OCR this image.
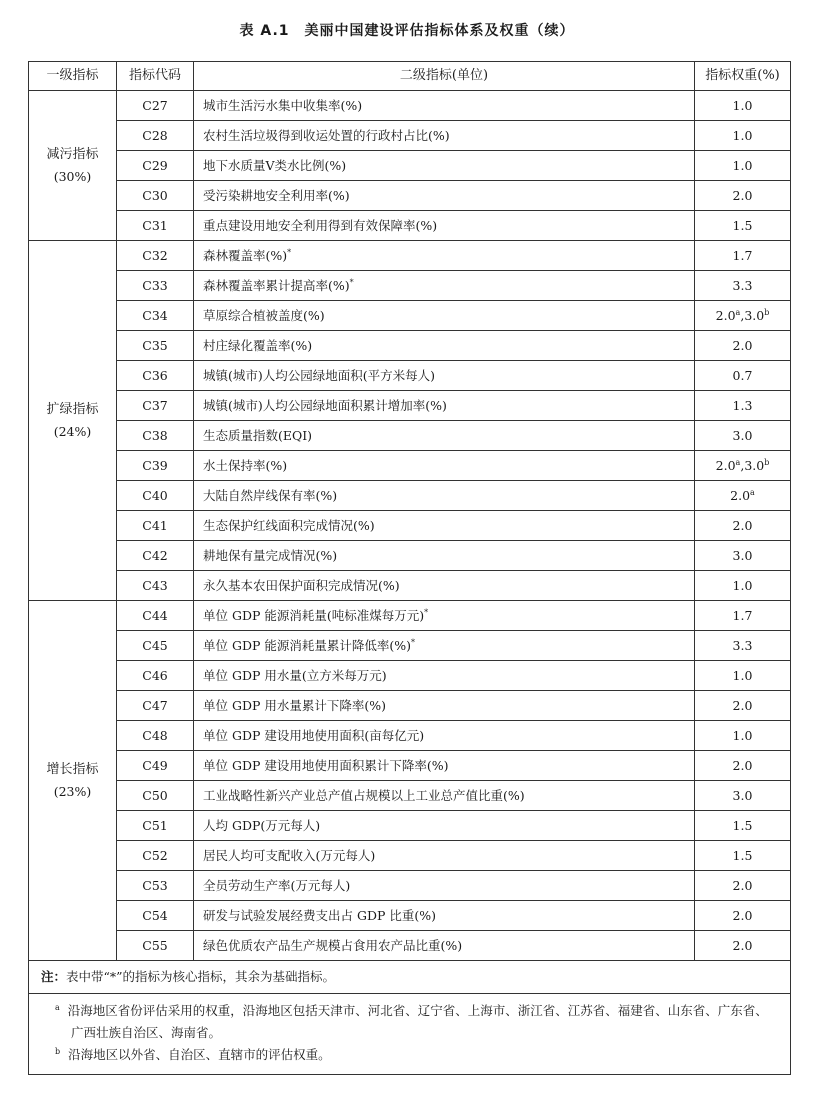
表 A.1　美丽中国建设评估指标体系及权重（续）
一级指标	指标代码	二级指标(单位)	指标权重(%)

减污指标
(30%)	C27	城市生活污水集中收集率(%)	1.0
	C28	农村生活垃圾得到收运处置的行政村占比(%)	1.0
	C29	地下水质量Ⅴ类水比例(%)	1.0
	C30	受污染耕地安全利用率(%)	2.0
	C31	重点建设用地安全利用得到有效保障率(%)	1.5

扩绿指标
(24%)	C32	森林覆盖率(%)*	1.7
	C33	森林覆盖率累计提高率(%)*	3.3
	C34	草原综合植被盖度(%)	2.0$^a$,3.0$^b$
	C35	村庄绿化覆盖率(%)	2.0
	C36	城镇(城市)人均公园绿地面积(平方米每人)	0.7
	C37	城镇(城市)人均公园绿地面积累计增加率(%)	1.3
	C38	生态质量指数(EQI)	3.0
	C39	水土保持率(%)	2.0$^a$,3.0$^b$
	C40	大陆自然岸线保有率(%)	2.0$^a$
	C41	生态保护红线面积完成情况(%)	2.0
	C42	耕地保有量完成情况(%)	3.0
	C43	永久基本农田保护面积完成情况(%)	1.0

增长指标
(23%)	C44	单位 GDP 能源消耗量(吨标准煤每万元)*	1.7
	C45	单位 GDP 能源消耗量累计降低率(%)*	3.3
	C46	单位 GDP 用水量(立方米每万元)	1.0
	C47	单位 GDP 用水量累计下降率(%)	2.0
	C48	单位 GDP 建设用地使用面积(亩每亿元)	1.0
	C49	单位 GDP 建设用地使用面积累计下降率(%)	2.0
	C50	工业战略性新兴产业总产值占规模以上工业总产值比重(%)	3.0
	C51	人均 GDP(万元每人)	1.5
	C52	居民人均可支配收入(万元每人)	1.5
	C53	全员劳动生产率(万元每人)	2.0
	C54	研发与试验发展经费支出占 GDP 比重(%)	2.0
	C55	绿色优质农产品生产规模占食用农产品比重(%)	2.0
注：表中带“*”的指标为核心指标，其余为基础指标。			

$^a$ 沿海地区省份评估采用的权重，沿海地区包括天津市、河北省、辽宁省、上海市、浙江省、江苏省、福建省、山东省、广东省、广西壮族自治区、海南省。
$^b$ 沿海地区以外省、自治区、直辖市的评估权重。			
